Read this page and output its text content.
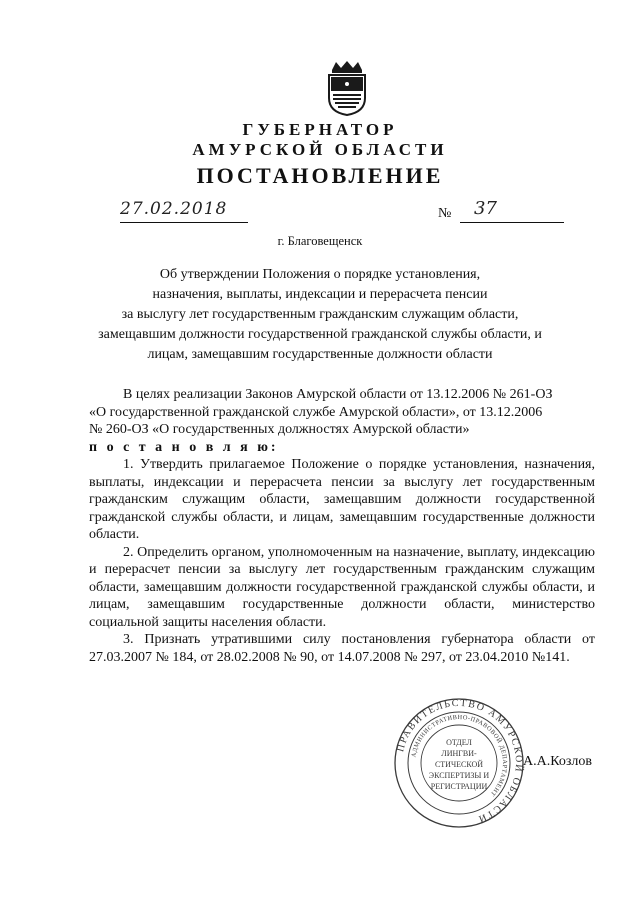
ГУБЕРНАТОР
АМУРСКОЙ ОБЛАСТИ
ПОСТАНОВЛЕНИЕ
27.02.2018	№ 37
г. Благовещенск
Об утверждении Положения о порядке установления,
назначения, выплаты, индексации и перерасчета пенсии
за выслугу лет государственным гражданским служащим области,
замещавшим должности государственной гражданской службы области, и
лицам, замещавшим государственные должности области

В целях реализации Законов Амурской области от 13.12.2006 № 261-ОЗ

«О государственной гражданской службе Амурской области», от 13.12.2006

№ 260-ОЗ «О государственных должностях Амурской области»

п о с т а н о в л я ю:

1. Утвердить прилагаемое Положение о порядке установления, назначения, выплаты, индексации и перерасчета пенсии за выслугу лет государственным гражданским служащим области, замещавшим должности государственной гражданской службы области, и лицам, замещавшим государственные должности области.

2. Определить органом, уполномоченным на назначение, выплату, индексацию и перерасчет пенсии за выслугу лет государственным гражданским служащим области, замещавшим должности государственной гражданской службы области, и лицам, замещавшим государственные должности области, министерство социальной защиты населения области.

3. Признать утратившими силу постановления губернатора области от 27.03.2007 № 184, от 28.02.2008 № 90, от 14.07.2008 № 297, от 23.04.2010 №141.

ПРАВИТЕЛЬСТВО АМУРСКОЙ ОБЛАСТИ
АДМИНИСТРАТИВНО-ПРАВОВОЙ ДЕПАРТАМЕНТ
ОТДЕЛ
ЛИНГВИ-
СТИЧЕСКОЙ
ЭКСПЕРТИЗЫ И
РЕГИСТРАЦИИ
А.А.Козлов
